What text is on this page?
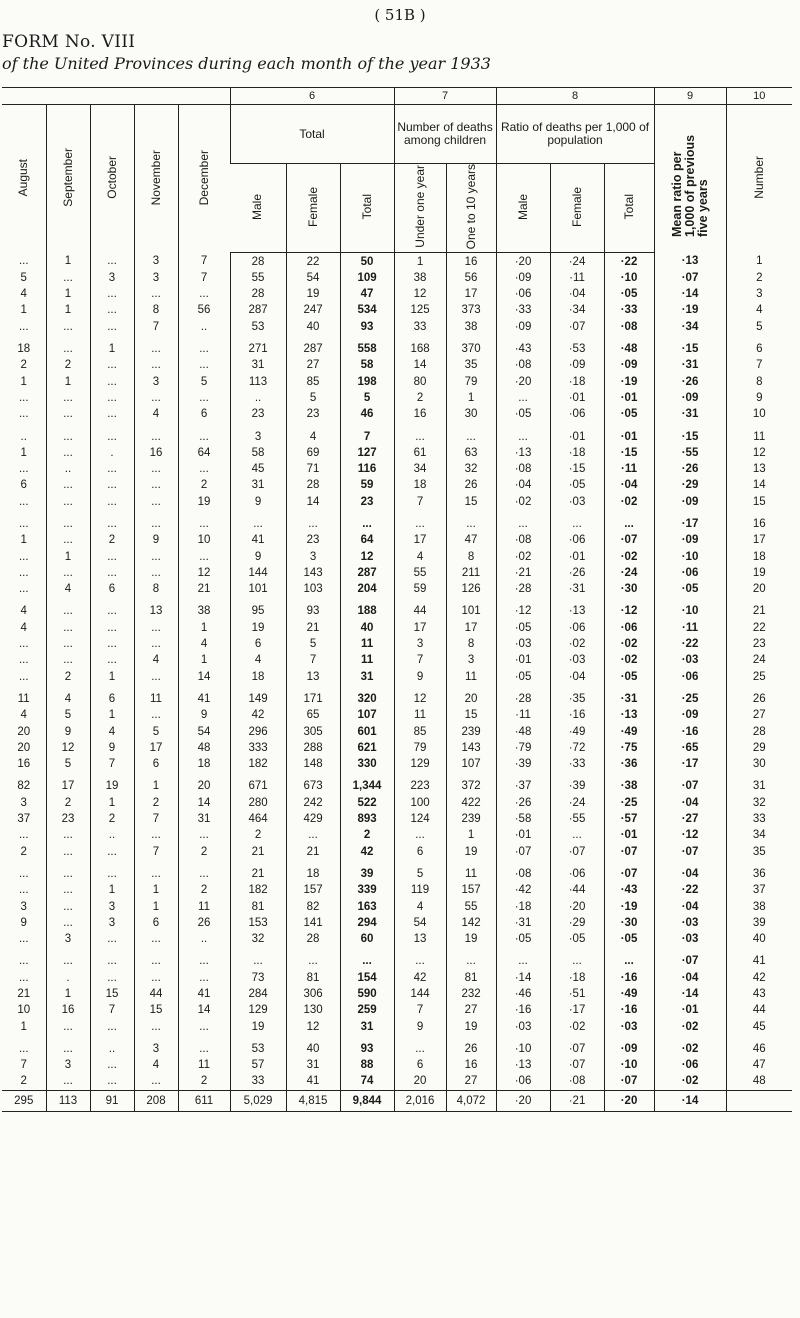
( 51B )
FORM No. VIII
of the United Provinces during each month of the year 1933
					6			7		8			9	10
August	September	October	November	December	Total			Number of deaths among children		Ratio of deaths per 1,000 of population			Mean ratio per 1,000 of previous five years	Number

					Male	Female	Total	Under one year	One to 10 years	Male	Female	Total		
...	1	...	3	7	28	22	50	1	16	·20	·24	·22	·13	1
5	...	3	3	7	55	54	109	38	56	·09	·11	·10	·07	2
4	1	...	...	...	28	19	47	12	17	·06	·04	·05	·14	3
1	1	...	8	56	287	247	534	125	373	·33	·34	·33	·19	4
...	...	...	7	..	53	40	93	33	38	·09	·07	·08	·34	5

18	...	1	...	...	271	287	558	168	370	·43	·53	·48	·15	6
2	2	...	...	...	31	27	58	14	35	·08	·09	·09	·31	7
1	1	...	3	5	113	85	198	80	79	·20	·18	·19	·26	8
...	...	...	...	...	..	5	5	2	1	...	·01	·01	·09	9
...	...	...	4	6	23	23	46	16	30	·05	·06	·05	·31	10

..	...	...	...	...	3	4	7	...	...	...	·01	·01	·15	11
1	...	.	16	64	58	69	127	61	63	·13	·18	·15	·55	12
...	..	...	...	...	45	71	116	34	32	·08	·15	·11	·26	13
6	...	...	...	2	31	28	59	18	26	·04	·05	·04	·29	14
...	...	...	...	19	9	14	23	7	15	·02	·03	·02	·09	15

...	...	...	...	...	...	...	...	...	...	...	...	...	·17	16
1	...	2	9	10	41	23	64	17	47	·08	·06	·07	·09	17
...	1	...	...	...	9	3	12	4	8	·02	·01	·02	·10	18
...	...	...	...	12	144	143	287	55	211	·21	·26	·24	·06	19
...	4	6	8	21	101	103	204	59	126	·28	·31	·30	·05	20

4	...	...	13	38	95	93	188	44	101	·12	·13	·12	·10	21
4	...	...	...	1	19	21	40	17	17	·05	·06	·06	·11	22
...	...	...	...	4	6	5	11	3	8	·03	·02	·02	·22	23
...	...	...	4	1	4	7	11	7	3	·01	·03	·02	·03	24
...	2	1	...	14	18	13	31	9	11	·05	·04	·05	·06	25

11	4	6	11	41	149	171	320	12	20	·28	·35	·31	·25	26
4	5	1	...	9	42	65	107	11	15	·11	·16	·13	·09	27
20	9	4	5	54	296	305	601	85	239	·48	·49	·49	·16	28
20	12	9	17	48	333	288	621	79	143	·79	·72	·75	·65	29
16	5	7	6	18	182	148	330	129	107	·39	·33	·36	·17	30

82	17	19	1	20	671	673	1,344	223	372	·37	·39	·38	·07	31
3	2	1	2	14	280	242	522	100	422	·26	·24	·25	·04	32
37	23	2	7	31	464	429	893	124	239	·58	·55	·57	·27	33
...	...	..	...	...	2	...	2	...	1	·01	...	·01	·12	34
2	...	...	7	2	21	21	42	6	19	·07	·07	·07	·07	35

...	...	...	...	...	21	18	39	5	11	·08	·06	·07	·04	36
...	...	1	1	2	182	157	339	119	157	·42	·44	·43	·22	37
3	...	3	1	11	81	82	163	4	55	·18	·20	·19	·04	38
9	...	3	6	26	153	141	294	54	142	·31	·29	·30	·03	39
...	3	...	...	..	32	28	60	13	19	·05	·05	·05	·03	40

...	...	...	...	...	...	...	...	...	...	...	...	...	·07	41
...	.	...	...	...	73	81	154	42	81	·14	·18	·16	·04	42
21	1	15	44	41	284	306	590	144	232	·46	·51	·49	·14	43
10	16	7	15	14	129	130	259	7	27	·16	·17	·16	·01	44
1	...	...	...	...	19	12	31	9	19	·03	·02	·03	·02	45

...	...	..	3	...	53	40	93	...	26	·10	·07	·09	·02	46
7	3	...	4	11	57	31	88	6	16	·13	·07	·10	·06	47
2	...	...	...	2	33	41	74	20	27	·06	·08	·07	·02	48
295	113	91	208	611	5,029	4,815	9,844	2,016	4,072	·20	·21	·20	·14	
